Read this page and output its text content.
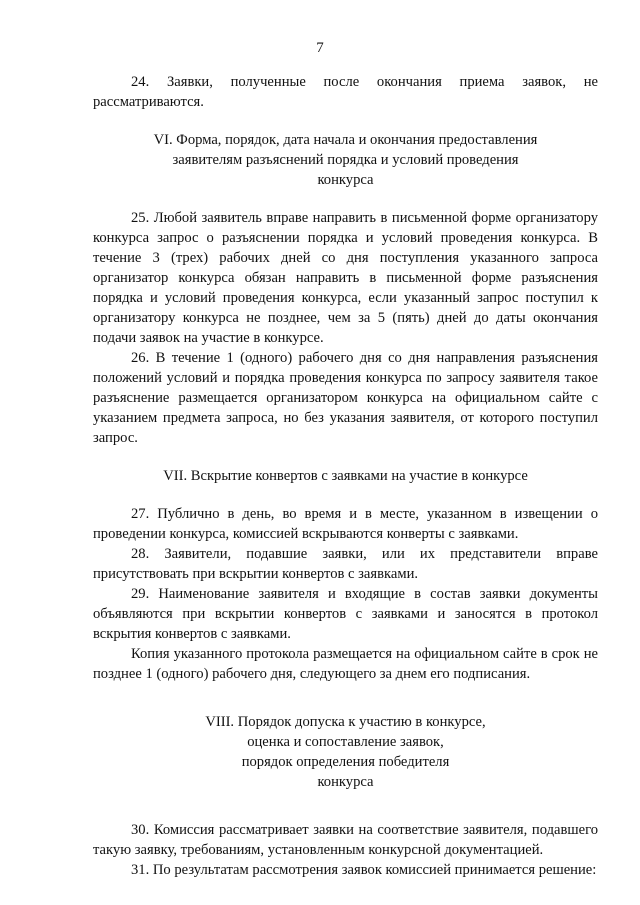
7

24. Заявки, полученные после окончания приема заявок, не рассматриваются.

VI. Форма, порядок, дата начала и окончания предоставления
заявителям разъяснений порядка и условий проведения
конкурса

25. Любой заявитель вправе направить в письменной форме организатору конкурса запрос о разъяснении порядка и условий проведения конкурса. В течение 3 (трех) рабочих дней со дня поступления указанного запроса организатор конкурса обязан направить в письменной форме разъяснения порядка и условий проведения конкурса, если указанный запрос поступил к организатору конкурса не позднее, чем за 5 (пять) дней до даты окончания подачи заявок на участие в конкурсе.

26. В течение 1 (одного) рабочего дня со дня направления разъяснения положений условий и порядка проведения конкурса по запросу заявителя такое разъяснение размещается организатором конкурса на официальном сайте с указанием предмета запроса, но без указания заявителя, от которого поступил запрос.

VII. Вскрытие конвертов с заявками на участие в конкурсе

27. Публично в день, во время и в месте, указанном в извещении о проведении конкурса, комиссией вскрываются конверты с заявками.

28. Заявители, подавшие заявки, или их представители вправе присутствовать при вскрытии конвертов с заявками.

29. Наименование заявителя и входящие в состав заявки документы объявляются при вскрытии конвертов с заявками и заносятся в протокол вскрытия конвертов с заявками.

Копия указанного протокола размещается на официальном сайте в срок не позднее 1 (одного) рабочего дня, следующего за днем его подписания.

VIII. Порядок допуска к участию в конкурсе,
оценка и сопоставление заявок,
порядок определения победителя
конкурса

30. Комиссия рассматривает заявки на соответствие заявителя, подавшего такую заявку, требованиям, установленным конкурсной документацией.

31. По результатам рассмотрения заявок комиссией принимается решение:
